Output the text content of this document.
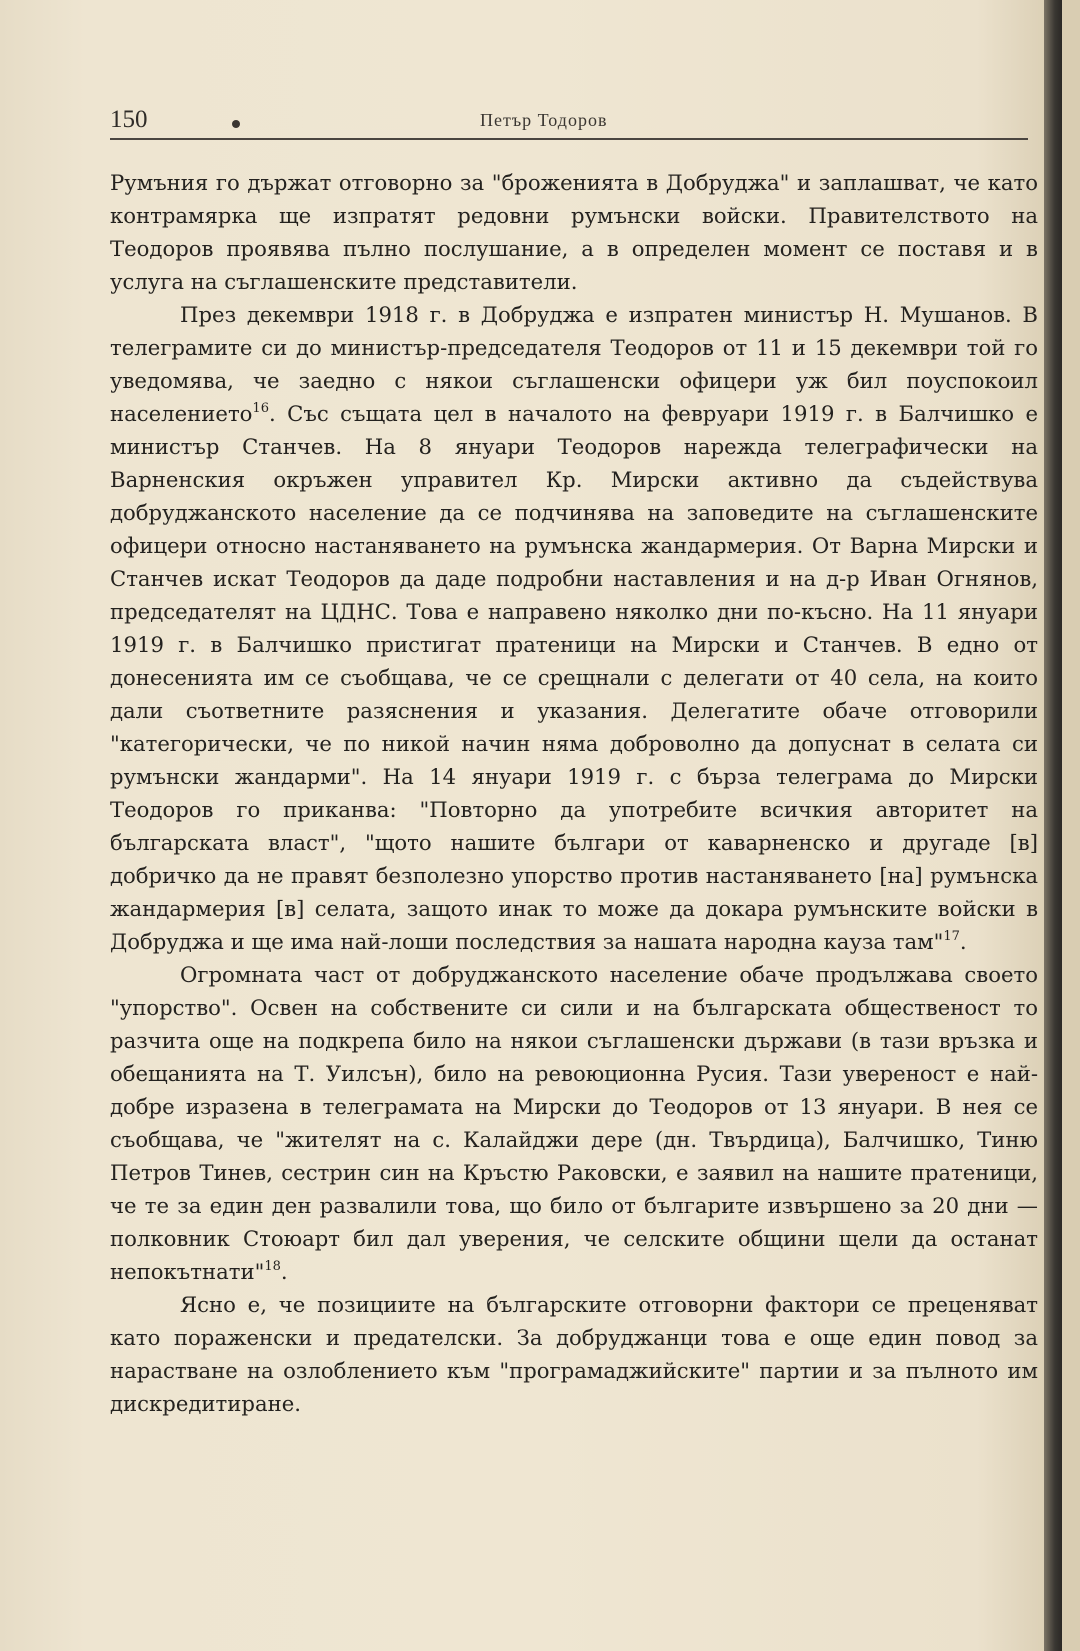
150	Петър Тодоров

Румъния го държат отговорно за "броженията в Добруджа" и заплашват, че като контрамярка ще изпратят редовни румънски войски. Правителството на Теодоров проявява пълно послушание, а в определен момент се поставя и в услуга на съглашенските представители.

През декември 1918 г. в Добруджа е изпратен министър Н. Мушанов. В телеграмите си до министър-председателя Теодоров от 11 и 15 декември той го уведомява, че заедно с някои съглашенски офицери уж бил поуспокоил населението$^{16}$. Със същата цел в началото на февруари 1919 г. в Балчишко е министър Станчев. На 8 януари Теодоров нарежда телеграфически на Варненския окръжен управител Кр. Мирски активно да съдействува добруджанското население да се подчинява на заповедите на съглашенските офицери относно настаняването на румънска жандармерия. От Варна Мирски и Станчев искат Теодоров да даде подробни наставления и на д-р Иван Огнянов, председателят на ЦДНС. Това е направено няколко дни по-късно. На 11 януари 1919 г. в Балчишко пристигат пратеници на Мирски и Станчев. В едно от донесенията им се съобщава, че се срещнали с делегати от 40 села, на които дали съответните разяснения и указания. Делегатите обаче отговорили "категорически, че по никой начин няма доброволно да допуснат в селата си румънски жандарми". На 14 януари 1919 г. с бърза телеграма до Мирски Теодоров го приканва: "Повторно да употребите всичкия авторитет на българската власт", "щото нашите българи от каварненско и другаде [в] добричко да не правят безполезно упорство против настаняването [на] румънска жандармерия [в] селата, защото инак то може да докара румънските войски в Добруджа и ще има най-лоши последствия за нашата народна кауза там"$^{17}$.

Огромната част от добруджанското население обаче продължава своето "упорство". Освен на собствените си сили и на българската общественост то разчита още на подкрепа било на някои съглашенски държави (в тази връзка и обещанията на Т. Уилсън), било на ревоюционна Русия. Тази увереност е най-добре изразена в телеграмата на Мирски до Теодоров от 13 януари. В нея се съобщава, че "жителят на с. Калайджи дере (дн. Твърдица), Балчишко, Тиню Петров Тинев, сестрин син на Кръстю Раковски, е заявил на нашите пратеници, че те за един ден развалили това, що било от българите извършено за 20 дни — полковник Стоюарт бил дал уверения, че селските общини щели да останат непокътнати"$^{18}$.

Ясно е, че позициите на българските отговорни фактори се преценяват като пораженски и предателски. За добруджанци това е още един повод за нарастване на озлоблението към "програмаджийските" партии и за пълното им дискредитиране.
